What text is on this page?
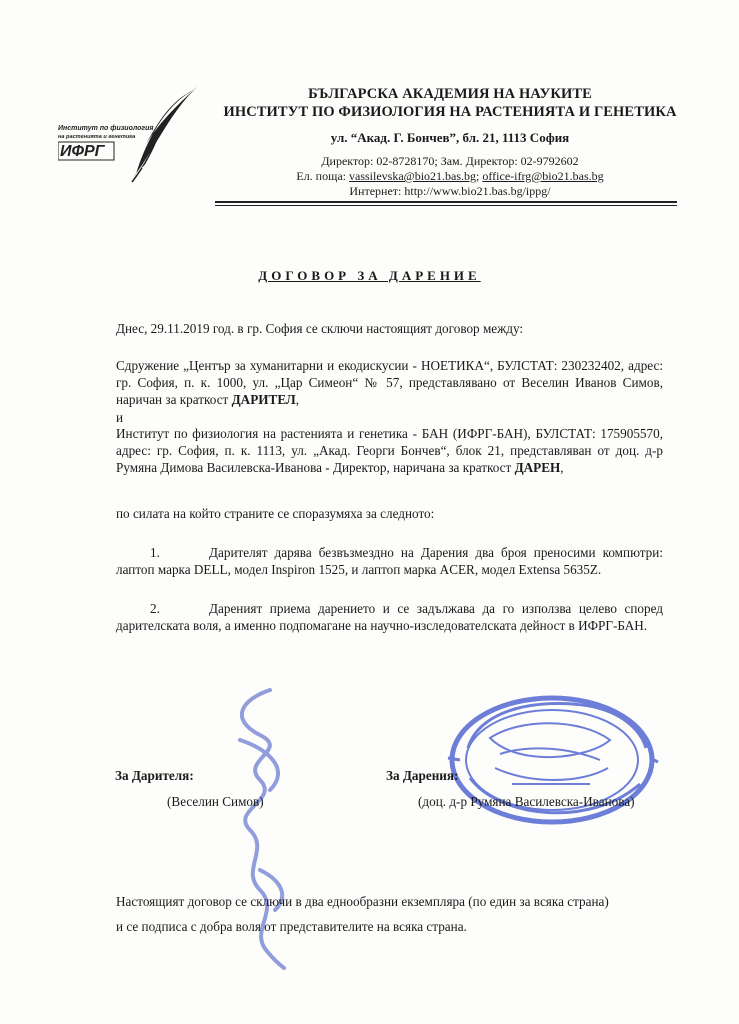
Институт по физиология
на растенията и генетика
ИФРГ
БЪЛГАРСКА АКАДЕМИЯ НА НАУКИТЕ
ИНСТИТУТ ПО ФИЗИОЛОГИЯ НА РАСТЕНИЯТА И ГЕНЕТИКА
ул. “Акад. Г. Бончев”, бл. 21, 1113 София
Директор: 02-8728170; Зам. Директор: 02-9792602
Ел. поща: vassilevska@bio21.bas.bg; office-ifrg@bio21.bas.bg
Интернет: http://www.bio21.bas.bg/ippg/
ДОГОВОР ЗА ДАРЕНИЕ
Днес, 29.11.2019 год. в гр. София се сключи настоящият договор между:
Сдружение „Център за хуманитарни и екодискусии - НОЕТИКА“, БУЛСТАТ: 230232402, адрес: гр. София, п. к. 1000, ул. „Цар Симеон“ № 57, представлявано от Веселин Иванов Симов, наричан за краткост ДАРИТЕЛ,
и
Институт по физиология на растенията и генетика - БАН (ИФРГ-БАН), БУЛСТАТ: 175905570, адрес: гр. София, п. к. 1113, ул. „Акад. Георги Бончев“, блок 21, представляван от доц. д-р Румяна Димова Василевска-Иванова - Директор, наричана за краткост ДАРЕН,
по силата на който страните се споразумяха за следното:
1.	Дарителят дарява безвъзмездно на Дарения два броя преносими компютри: лаптоп марка DELL, модел Inspiron 1525, и лаптоп марка ACER, модел Extensa 5635Z.
2.	Дареният приема дарението и се задължава да го използва целево според дарителската воля, а именно подпомагане на научно-изследователската дейност в ИФРГ-БАН.
За Дарителя:	За Дарения:
(Веселин Симов)	(доц. д-р Румяна Василевска-Иванова)
Настоящият договор се сключи в два еднообразни екземпляра (по един за всяка страна)
и се подписа с добра воля от представителите на всяка страна.
